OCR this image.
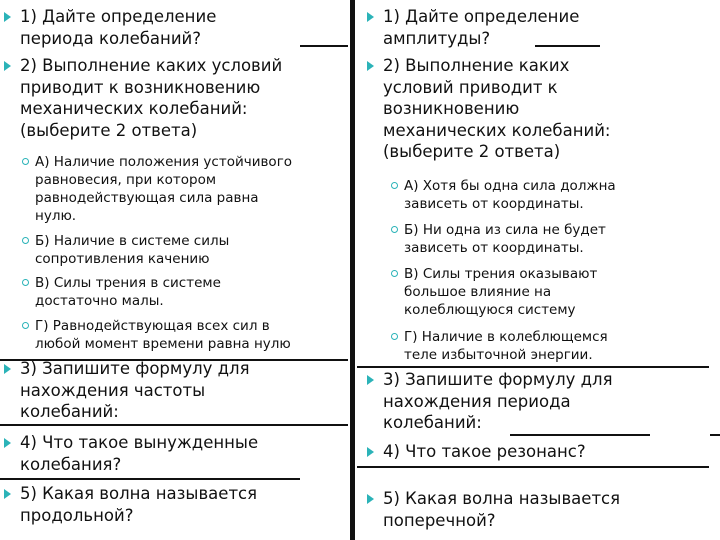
1) Дайте определение
периода колебаний?
2) Выполнение каких условий
приводит к возникновению
механических колебаний:
(выберите 2 ответа)
А) Наличие положения устойчивого
равновесия, при котором
равнодействующая сила равна
нулю.
Б) Наличие в системе силы
сопротивления качению
В) Силы трения в системе
достаточно малы.
Г) Равнодействующая всех сил в
любой момент времени равна нулю
3) Запишите формулу для
нахождения частоты
колебаний:
4) Что такое вынужденные
колебания?
5) Какая волна называется
продольной?
1) Дайте определение
амплитуды?
2) Выполнение каких
условий приводит к
возникновению
механических колебаний:
(выберите 2 ответа)
А) Хотя бы одна сила должна
зависеть от координаты.
Б) Ни одна из сила не будет
зависеть от координаты.
В) Силы трения оказывают
большое влияние на
колеблющуюся систему
Г) Наличие в колеблющемся
теле избыточной энергии.
3) Запишите формулу для
нахождения периода
колебаний:
4) Что такое резонанс?
5) Какая волна называется
поперечной?
